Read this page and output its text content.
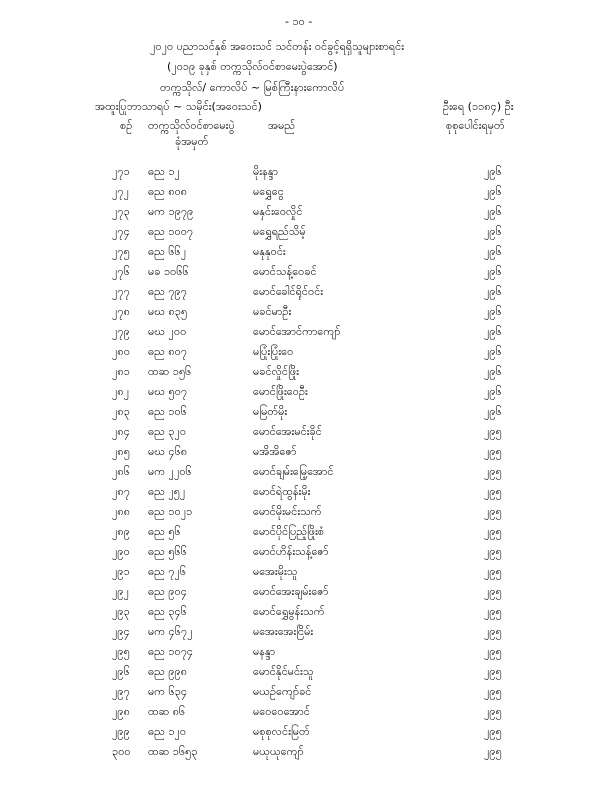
- ၁၀ -
၂၀၂၀ ပညာသင်နှစ် အဝေးသင် သင်တန်း ဝင်ခွင့်ရရှိသူများစာရင်း
(၂၀၁၉ ခုနှစ် တက္ကသိုလ်ဝင်စာမေးပွဲအောင်)
တက္ကသိုလ်/ ကောလိပ် ~ မြစ်ကြီးနားကောလိပ်
အထူးပြုဘာသာရပ် ~ သမိုင်း(အဝေးသင်)	ဦးရေ (၁၁၈၄) ဦး
စဉ် တက္ကသိုလ်ဝင်စာမေးပွဲ
ခုံအမှတ်
အမည်	စုစုပေါင်းရမှတ်
၂၇၁ ဓည ၁၂	မိုးနန္ဒာ	၂၉၆
၂၇၂ ဓည ၈၀၈	မရွှေငွေ	၂၉၆
၂၇၃ မက ၁၉၇၉	မနှင်းဝေလှိုင်	၂၉၆
၂၇၄ ဓည ၁၀၀၇	မရွှေရည်သိမ့်	၂၉၆
၂၇၅ ဓည ၆၆၂	မနုနုဝင်း	၂၉၆
၂၇၆ မခ ၁၀၆၆	မောင်သန့်ဝေခင်	၂၉၆
၂၇၇ ဓည ၇၉၇	မောင်ခေါင်ရိုင်ဝင်း	၂၉၆
၂၇၈ မဃ ၈၃၅	မခင်မာဦး	၂၉၆
၂၇၉ မဃ ၂၀၀	မောင်အောင်ကာကျော်	၂၉၆
၂၈၀ ဓည ၈၀၇	မပြုံးပြုံးဝေ	၂၉၆
၂၈၁ ထဆ ၁၅၆	မခင်လှိုင်ဖြိုး	၂၉၆
၂၈၂ မဃ ၅၀၇	မောင်ဖြိုးဝေဦး	၂၉၆
၂၈၃ ဓည ၁၀၆	မမြတ်မိုး	၂၉၆
၂၈၄ ဓည ၃၂၀	မောင်အေးမင်းခိုင်	၂၉၅
၂၈၅ မဃ ၄၆၈	မအိအိဇော်	၂၉၅
၂၈၆ မက ၂၂၀၆	မောင်ချမ်းမြေ့အောင်	၂၉၅
၂၈၇ ဓည ၂၅၂	မောင်ရဲထွန်းမိုး	၂၉၅
၂၈၈ ဓည ၁၀၂၁	မောင်မိုးမင်းသက်	၂၉၅
၂၈၉ ဓည ၅၆	မောင်ပိုင်ပြည့်ဖြိုးစံ	၂၉၅
၂၉၀ ဓည ၅၆၆	မောင်ဟိန်းသန့်ဇော်	၂၉၅
၂၉၁ ဓည ၇၂၆	မအေးမိုးသူ	၂၉၅
၂၉၂ ဓည ၉၀၄	မောင်အေးချမ်းဇော်	၂၉၅
၂၉၃ ဓည ၃၄၆	မောင်ရွှေမွန်းသက်	၂၉၅
၂၉၄ မက ၄၆၇၂	မအေးအေးငြိမ်း	၂၉၅
၂၉၅ ဓည ၁၀၇၄	မနန္ဒာ	၂၉၅
၂၉၆ ဓည ၉၉၈	မောင်နိုင်မင်းသူ	၂၉၅
၂၉၇ မက ၆၃၄	မယဉ်ကျော်ခင်	၂၉၅
၂၉၈ ထဆ ၈၆	မဝေဝေအောင်	၂၉၅
၂၉၉ ဓည ၁၂၀	မစုစုလင်းမြတ်	၂၉၅
၃၀၀ ထဆ ၁၆၅၃	မယုယုကျော်	၂၉၅
